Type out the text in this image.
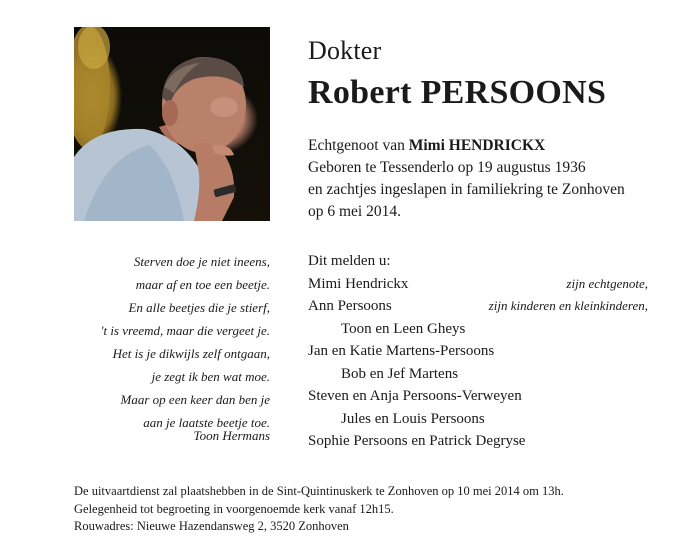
Dokter
Robert PERSOONS
Echtgenoot van Mimi HENDRICKX
Geboren te Tessenderlo op 19 augustus 1936
en zachtjes ingeslapen in familiekring te Zonhoven
op 6 mei 2014.
Sterven doe je niet ineens,
maar af en toe een beetje.
En alle beetjes die je stierf,
't is vreemd, maar die vergeet je.
Het is je dikwijls zelf ontgaan,
je zegt ik ben wat moe.
Maar op een keer dan ben je
aan je laatste beetje toe.
Toon Hermans
Dit melden u:
Mimi Hendrickx	zijn echtgenote,
Ann Persoons	zijn kinderen en kleinkinderen,
Toon en Leen Gheys
Jan en Katie Martens-Persoons
Bob en Jef Martens
Steven en Anja Persoons-Verweyen
Jules en Louis Persoons
Sophie Persoons en Patrick Degryse
De uitvaartdienst zal plaatshebben in de Sint-Quintinuskerk te Zonhoven op 10 mei 2014 om 13h.
Gelegenheid tot begroeting in voorgenoemde kerk vanaf 12h15.
Rouwadres: Nieuwe Hazendansweg 2, 3520 Zonhoven
